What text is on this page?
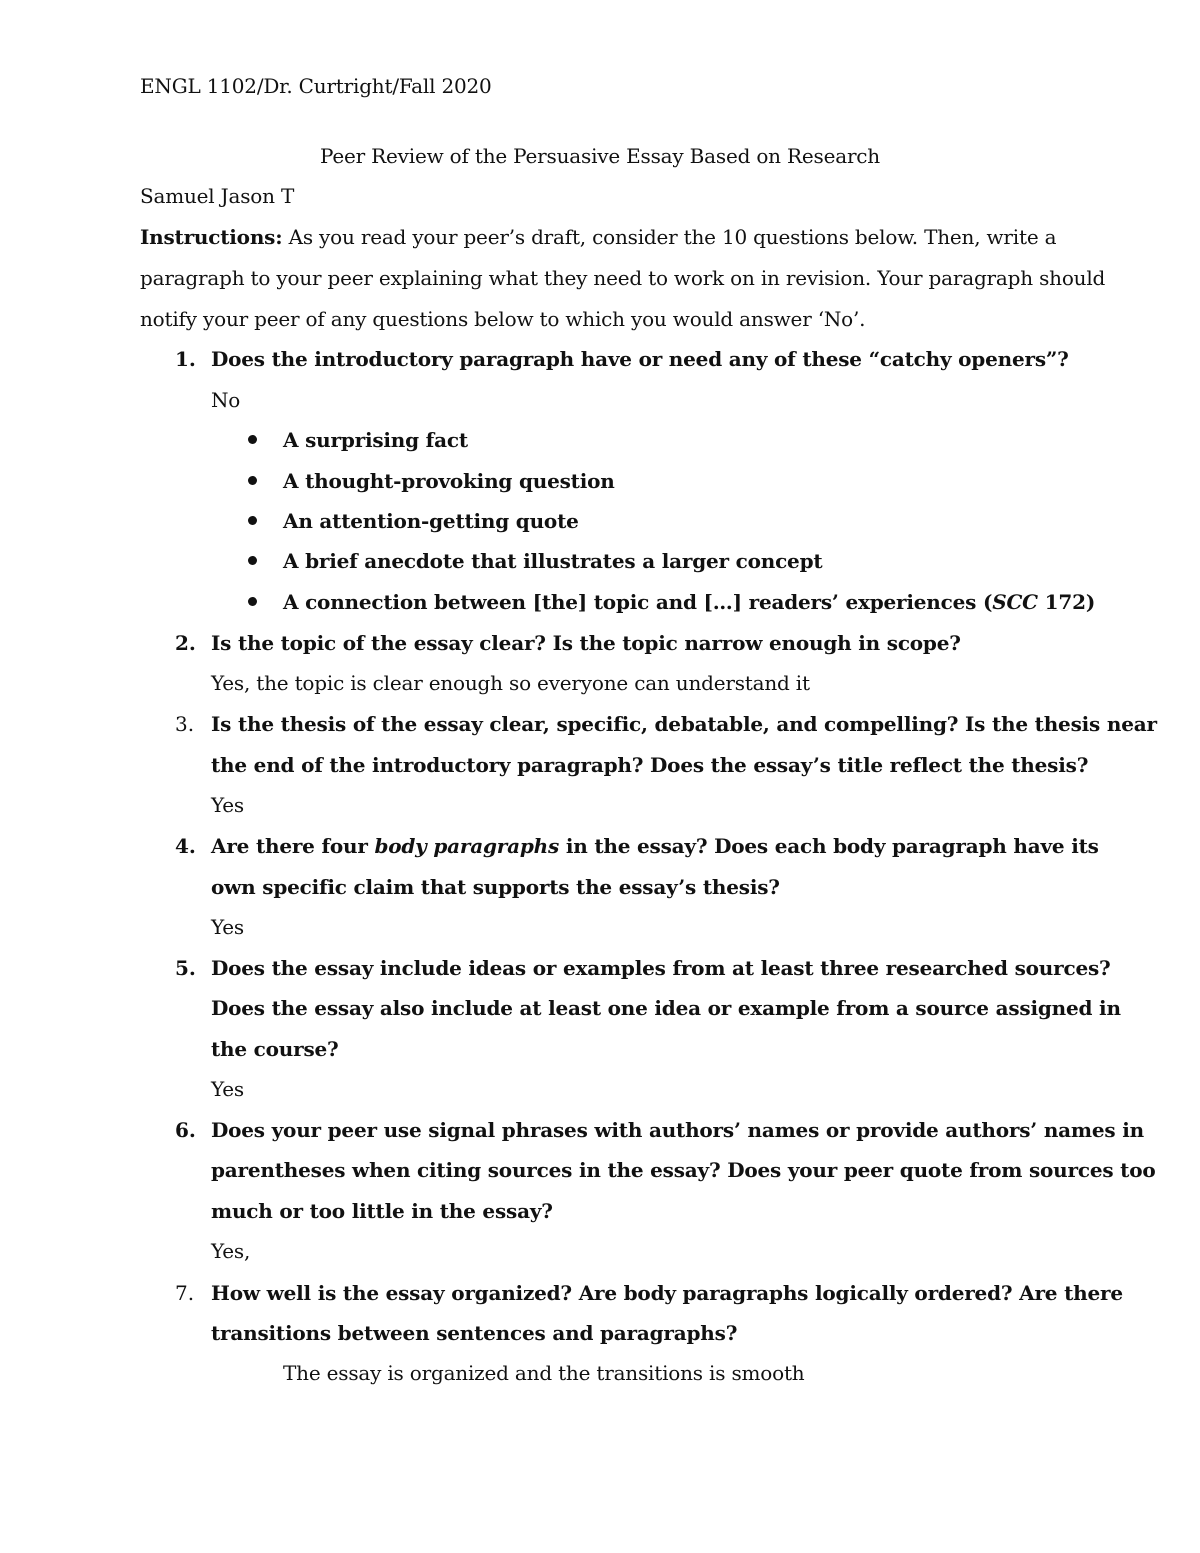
ENGL 1102/Dr. Curtright/Fall 2020
Peer Review of the Persuasive Essay Based on Research
Samuel Jason T
Instructions: As you read your peer’s draft, consider the 10 questions below. Then, write a
paragraph to your peer explaining what they need to work on in revision. Your paragraph should
notify your peer of any questions below to which you would answer ‘No’.
1. Does the introductory paragraph have or need any of these “catchy openers”?
No
A surprising fact
A thought-provoking question
An attention-getting quote
A brief anecdote that illustrates a larger concept
A connection between [the] topic and […] readers’ experiences (SCC 172)
2. Is the topic of the essay clear? Is the topic narrow enough in scope?
Yes, the topic is clear enough so everyone can understand it
3. Is the thesis of the essay clear, specific, debatable, and compelling? Is the thesis near
the end of the introductory paragraph? Does the essay’s title reflect the thesis?
Yes
4. Are there four body paragraphs in the essay? Does each body paragraph have its
own specific claim that supports the essay’s thesis?
Yes
5. Does the essay include ideas or examples from at least three researched sources?
Does the essay also include at least one idea or example from a source assigned in
the course?
Yes
6. Does your peer use signal phrases with authors’ names or provide authors’ names in
parentheses when citing sources in the essay? Does your peer quote from sources too
much or too little in the essay?
Yes,
7. How well is the essay organized? Are body paragraphs logically ordered? Are there
transitions between sentences and paragraphs?
The essay is organized and the transitions is smooth
